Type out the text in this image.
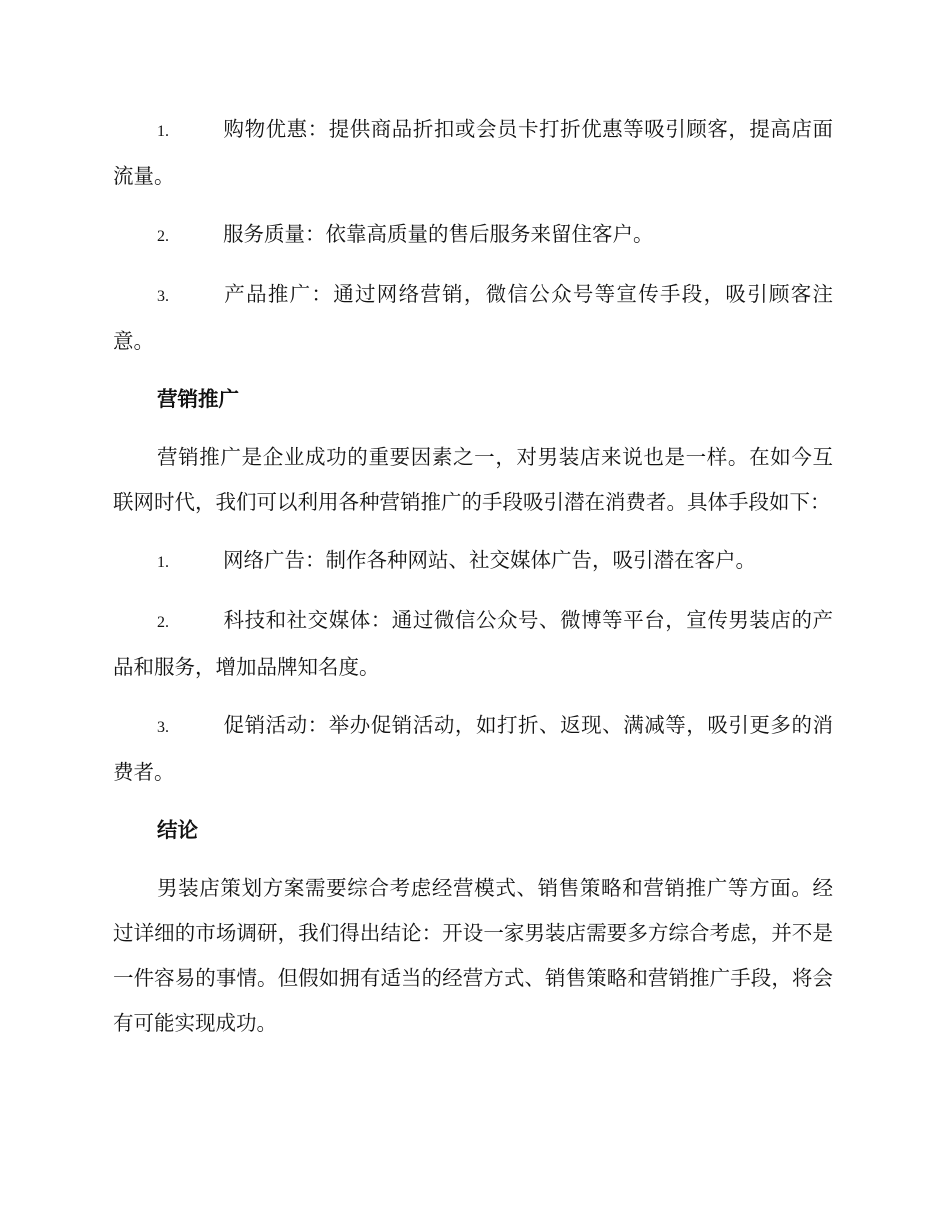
1.	购物优惠：提供商品折扣或会员卡打折优惠等吸引顾客，提高店面流量。

2.	服务质量：依靠高质量的售后服务来留住客户。

3.	产品推广：通过网络营销，微信公众号等宣传手段，吸引顾客注意。

营销推广

营销推广是企业成功的重要因素之一，对男装店来说也是一样。在如今互联网时代，我们可以利用各种营销推广的手段吸引潜在消费者。具体手段如下：

1.	网络广告：制作各种网站、社交媒体广告，吸引潜在客户。

2.	科技和社交媒体：通过微信公众号、微博等平台，宣传男装店的产品和服务，增加品牌知名度。

3.	促销活动：举办促销活动，如打折、返现、满减等，吸引更多的消费者。

结论

男装店策划方案需要综合考虑经营模式、销售策略和营销推广等方面。经过详细的市场调研，我们得出结论：开设一家男装店需要多方综合考虑，并不是一件容易的事情。但假如拥有适当的经营方式、销售策略和营销推广手段，将会有可能实现成功。
